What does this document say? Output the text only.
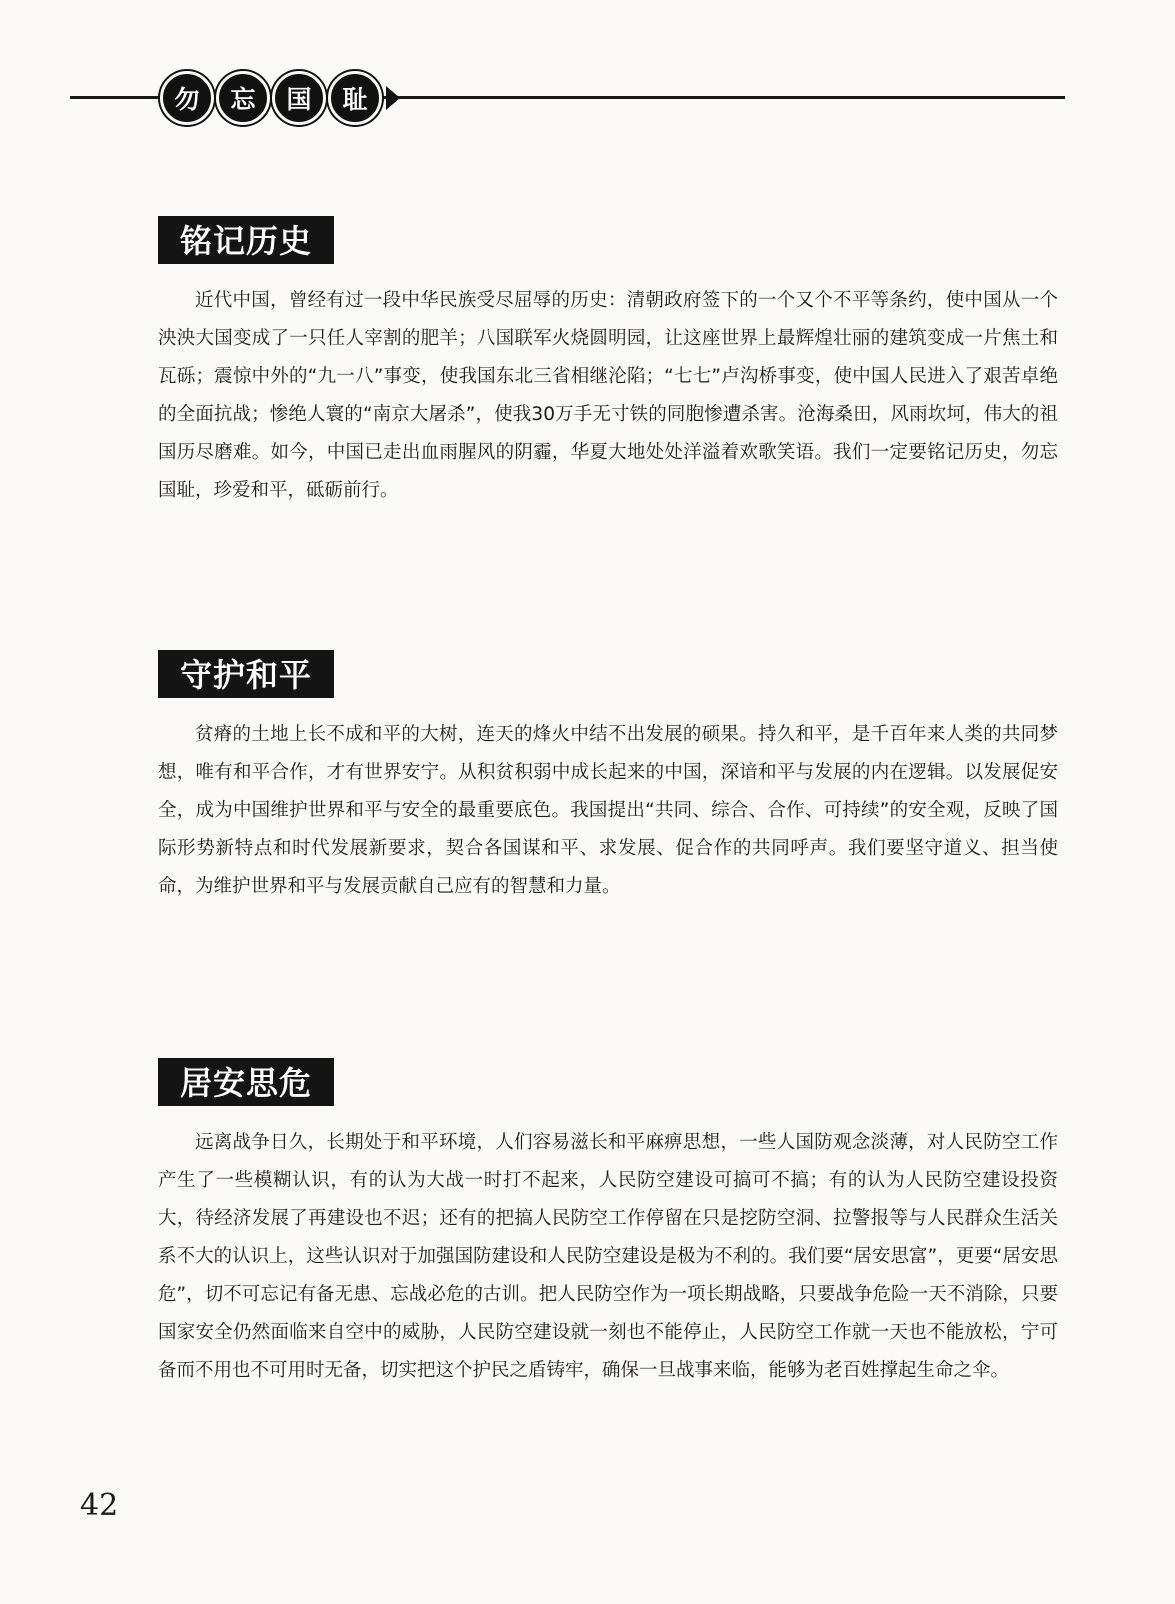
勿	忘	国	耻
铭记历史
近代中国，曾经有过一段中华民族受尽屈辱的历史：清朝政府签下的一个又个不平等条约，使中国从一个泱泱大国变成了一只任人宰割的肥羊；八国联军火烧圆明园，让这座世界上最辉煌壮丽的建筑变成一片焦土和瓦砾；震惊中外的“九一八”事变，使我国东北三省相继沦陷；“七七”卢沟桥事变，使中国人民进入了艰苦卓绝的全面抗战；惨绝人寰的“南京大屠杀”，使我30万手无寸铁的同胞惨遭杀害。沧海桑田，风雨坎坷，伟大的祖国历尽磨难。如今，中国已走出血雨腥风的阴霾，华夏大地处处洋溢着欢歌笑语。我们一定要铭记历史，勿忘国耻，珍爱和平，砥砺前行。
守护和平
贫瘠的土地上长不成和平的大树，连天的烽火中结不出发展的硕果。持久和平，是千百年来人类的共同梦想，唯有和平合作，才有世界安宁。从积贫积弱中成长起来的中国，深谙和平与发展的内在逻辑。以发展促安全，成为中国维护世界和平与安全的最重要底色。我国提出“共同、综合、合作、可持续”的安全观，反映了国际形势新特点和时代发展新要求，契合各国谋和平、求发展、促合作的共同呼声。我们要坚守道义、担当使命，为维护世界和平与发展贡献自己应有的智慧和力量。
居安思危
远离战争日久，长期处于和平环境，人们容易滋长和平麻痹思想，一些人国防观念淡薄，对人民防空工作产生了一些模糊认识，有的认为大战一时打不起来，人民防空建设可搞可不搞；有的认为人民防空建设投资大，待经济发展了再建设也不迟；还有的把搞人民防空工作停留在只是挖防空洞、拉警报等与人民群众生活关系不大的认识上，这些认识对于加强国防建设和人民防空建设是极为不利的。我们要“居安思富”，更要“居安思危”，切不可忘记有备无患、忘战必危的古训。把人民防空作为一项长期战略，只要战争危险一天不消除，只要国家安全仍然面临来自空中的威胁，人民防空建设就一刻也不能停止，人民防空工作就一天也不能放松，宁可备而不用也不可用时无备，切实把这个护民之盾铸牢，确保一旦战事来临，能够为老百姓撑起生命之伞。
42
